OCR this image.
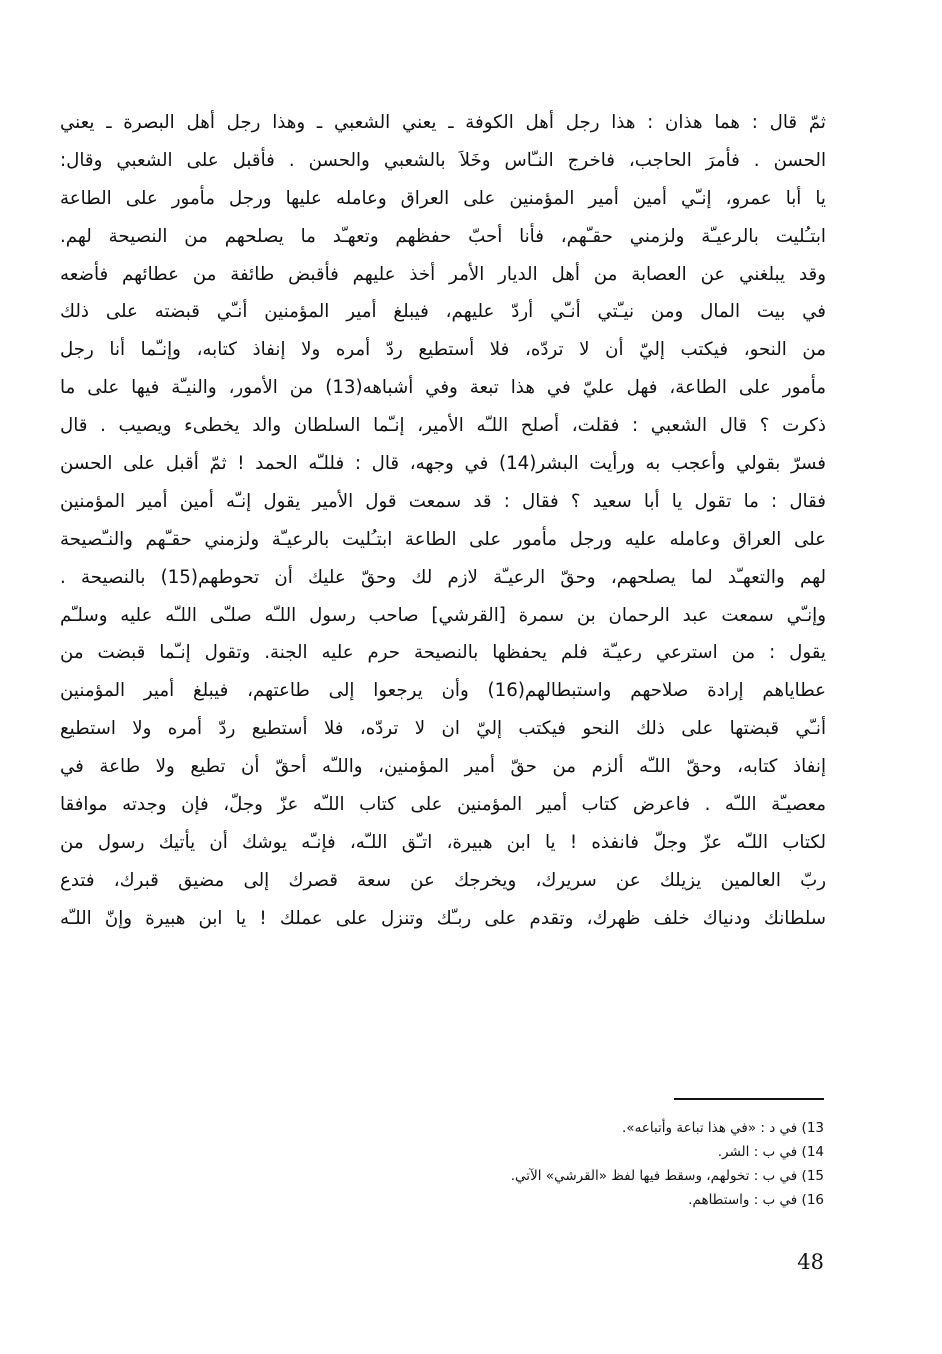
ثمّ قال : هما هذان : هذا رجل أهل الكوفة ـ يعني الشعبي ـ وهذا رجل أهل البصرة ـ يعني
الحسن . فأمرَ الحاجب، فاخرج النـّاس وخَلاَ بالشعبي والحسن . فأقبل على الشعبي وقال:
يا أبا عمرو، إنـّي أمين أمير المؤمنين على العراق وعامله عليها ورجل مأمور على الطاعة
ابتـُليت بالرعيـّة ولزمني حقـّهم، فأنا أحبّ حفظهم وتعهـّد ما يصلحهم من النصيحة لهم.
وقد يبلغني عن العصابة من أهل الديار الأمر أخذ عليهم فأقبض طائفة من عطائهم فأضعه
في بيت المال ومن نيـّتي أنـّي أردّ عليهم، فيبلغ أمير المؤمنين أنـّي قبضته على ذلك
من النحو، فيكتب إليّ أن لا تردّه، فلا أستطيع ردّ أمره ولا إنفاذ كتابه، وإنـّما أنا رجل
مأمور على الطاعة، فهل عليّ في هذا تبعة وفي أشباهه(13) من الأمور، والنيـّة فيها على ما
ذكرت ؟ قال الشعبي : فقلت، أصلح اللـّه الأمير، إنـّما السلطان والد يخطىء ويصيب . قال
فسرّ بقولي وأعجب به ورأيت البشر(14) في وجهه، قال : فللـّه الحمد ! ثمّ أقبل على الحسن
فقال : ما تقول يا أبا سعيد ؟ فقال : قد سمعت قول الأمير يقول إنـّه أمين أمير المؤمنين
على العراق وعامله عليه ورجل مأمور على الطاعة ابتـُليت بالرعيـّة ولزمني حقـّهم والنـّصيحة
لهم والتعهـّد لما يصلحهم، وحقّ الرعيـّة لازم لك وحقّ عليك أن تحوطهم(15) بالنصيحة .
وإنـّي سمعت عبد الرحمان بن سمرة [القرشي] صاحب رسول اللـّه صلـّى اللـّه عليه وسلـّم
يقول : من استرعي رعيـّة فلم يحفظها بالنصيحة حرم عليه الجنة. وتقول إنـّما قبضت من
عطاياهم إرادة صلاحهم واستبطالهم(16) وأن يرجعوا إلى طاعتهم، فيبلغ أمير المؤمنين
أنـّي قبضتها على ذلك النحو فيكتب إليّ ان لا تردّه، فلا أستطيع ردّ أمره ولا استطيع
إنفاذ كتابه، وحقّ اللـّه ألزم من حقّ أمير المؤمنين، واللـّه أحقّ أن تطيع ولا طاعة في
معصيـّة اللـّه . فاعرض كتاب أمير المؤمنين على كتاب اللـّه عزّ وجلّ، فإن وجدته موافقا
لكتاب اللـّه عزّ وجلّ فانفذه ! يا ابن هبيرة، اتـّق اللـّه، فإنـّه يوشك أن يأتيك رسول من
ربّ العالمين يزيلك عن سريرك، ويخرجك عن سعة قصرك إلى مضيق قبرك، فتدع
سلطانك ودنياك خلف ظهرك، وتقدم على ربـّك وتنزل على عملك ! يا ابن هبيرة وإنّ اللـّه
13) في د : «في هذا تباعة وأتباعه».
14) في ب : الشر.
15) في ب : تخولهم، وسقط فيها لفظ «القرشي» الآتي.
16) في ب : واستطاهم.
48
